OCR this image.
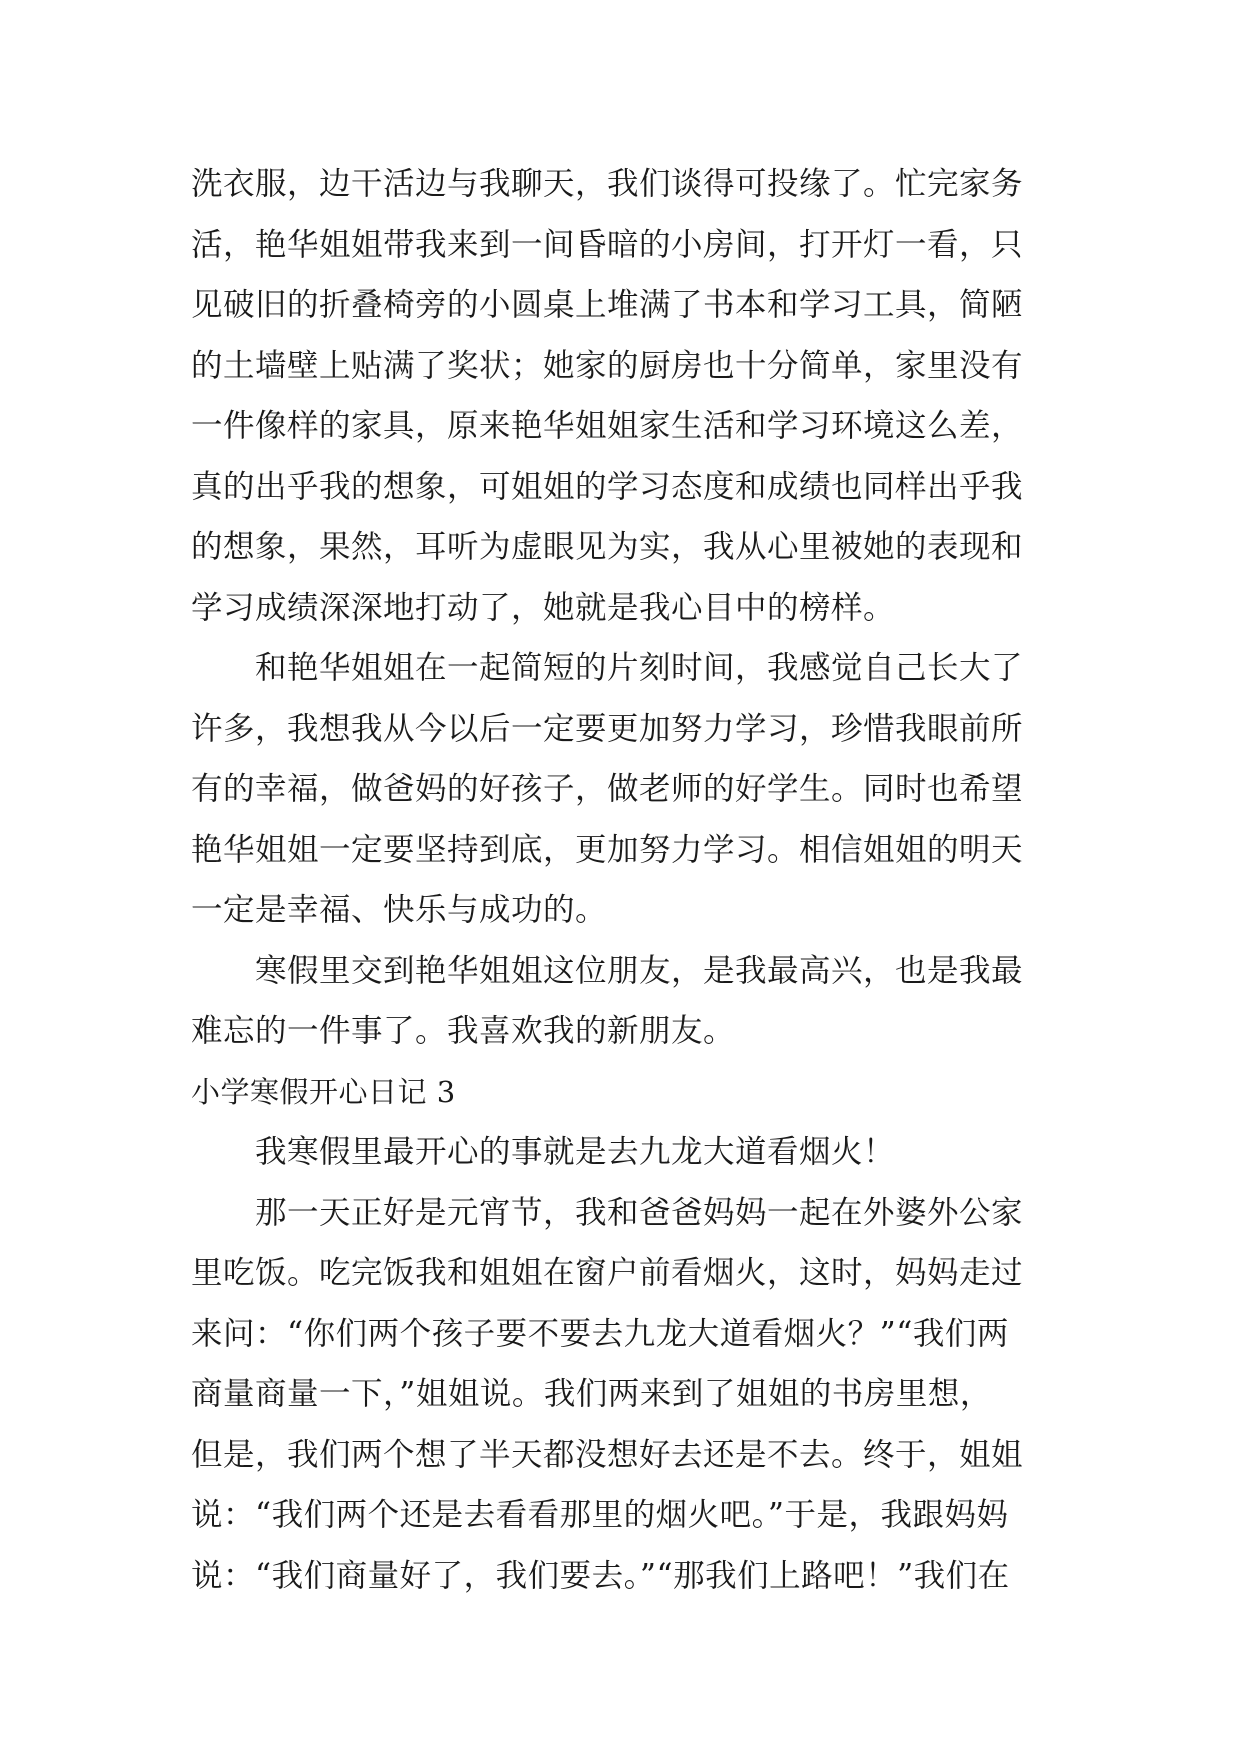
洗衣服，边干活边与我聊天，我们谈得可投缘了。忙完家务
活，艳华姐姐带我来到一间昏暗的小房间，打开灯一看，只
见破旧的折叠椅旁的小圆桌上堆满了书本和学习工具，简陋
的土墙壁上贴满了奖状；她家的厨房也十分简单，家里没有
一件像样的家具，原来艳华姐姐家生活和学习环境这么差，
真的出乎我的想象，可姐姐的学习态度和成绩也同样出乎我
的想象，果然，耳听为虚眼见为实，我从心里被她的表现和
学习成绩深深地打动了，她就是我心目中的榜样。
和艳华姐姐在一起简短的片刻时间，我感觉自己长大了
许多，我想我从今以后一定要更加努力学习，珍惜我眼前所
有的幸福，做爸妈的好孩子，做老师的好学生。同时也希望
艳华姐姐一定要坚持到底，更加努力学习。相信姐姐的明天
一定是幸福、快乐与成功的。
寒假里交到艳华姐姐这位朋友，是我最高兴，也是我最
难忘的一件事了。我喜欢我的新朋友。
小学寒假开心日记 3
我寒假里最开心的事就是去九龙大道看烟火！
那一天正好是元宵节，我和爸爸妈妈一起在外婆外公家
里吃饭。吃完饭我和姐姐在窗户前看烟火，这时，妈妈走过
来问：“你们两个孩子要不要去九龙大道看烟火？”“我们两
商量商量一下，”姐姐说。我们两来到了姐姐的书房里想，
但是，我们两个想了半天都没想好去还是不去。终于，姐姐
说：“我们两个还是去看看那里的烟火吧。”于是，我跟妈妈
说：“我们商量好了，我们要去。”“那我们上路吧！”我们在
